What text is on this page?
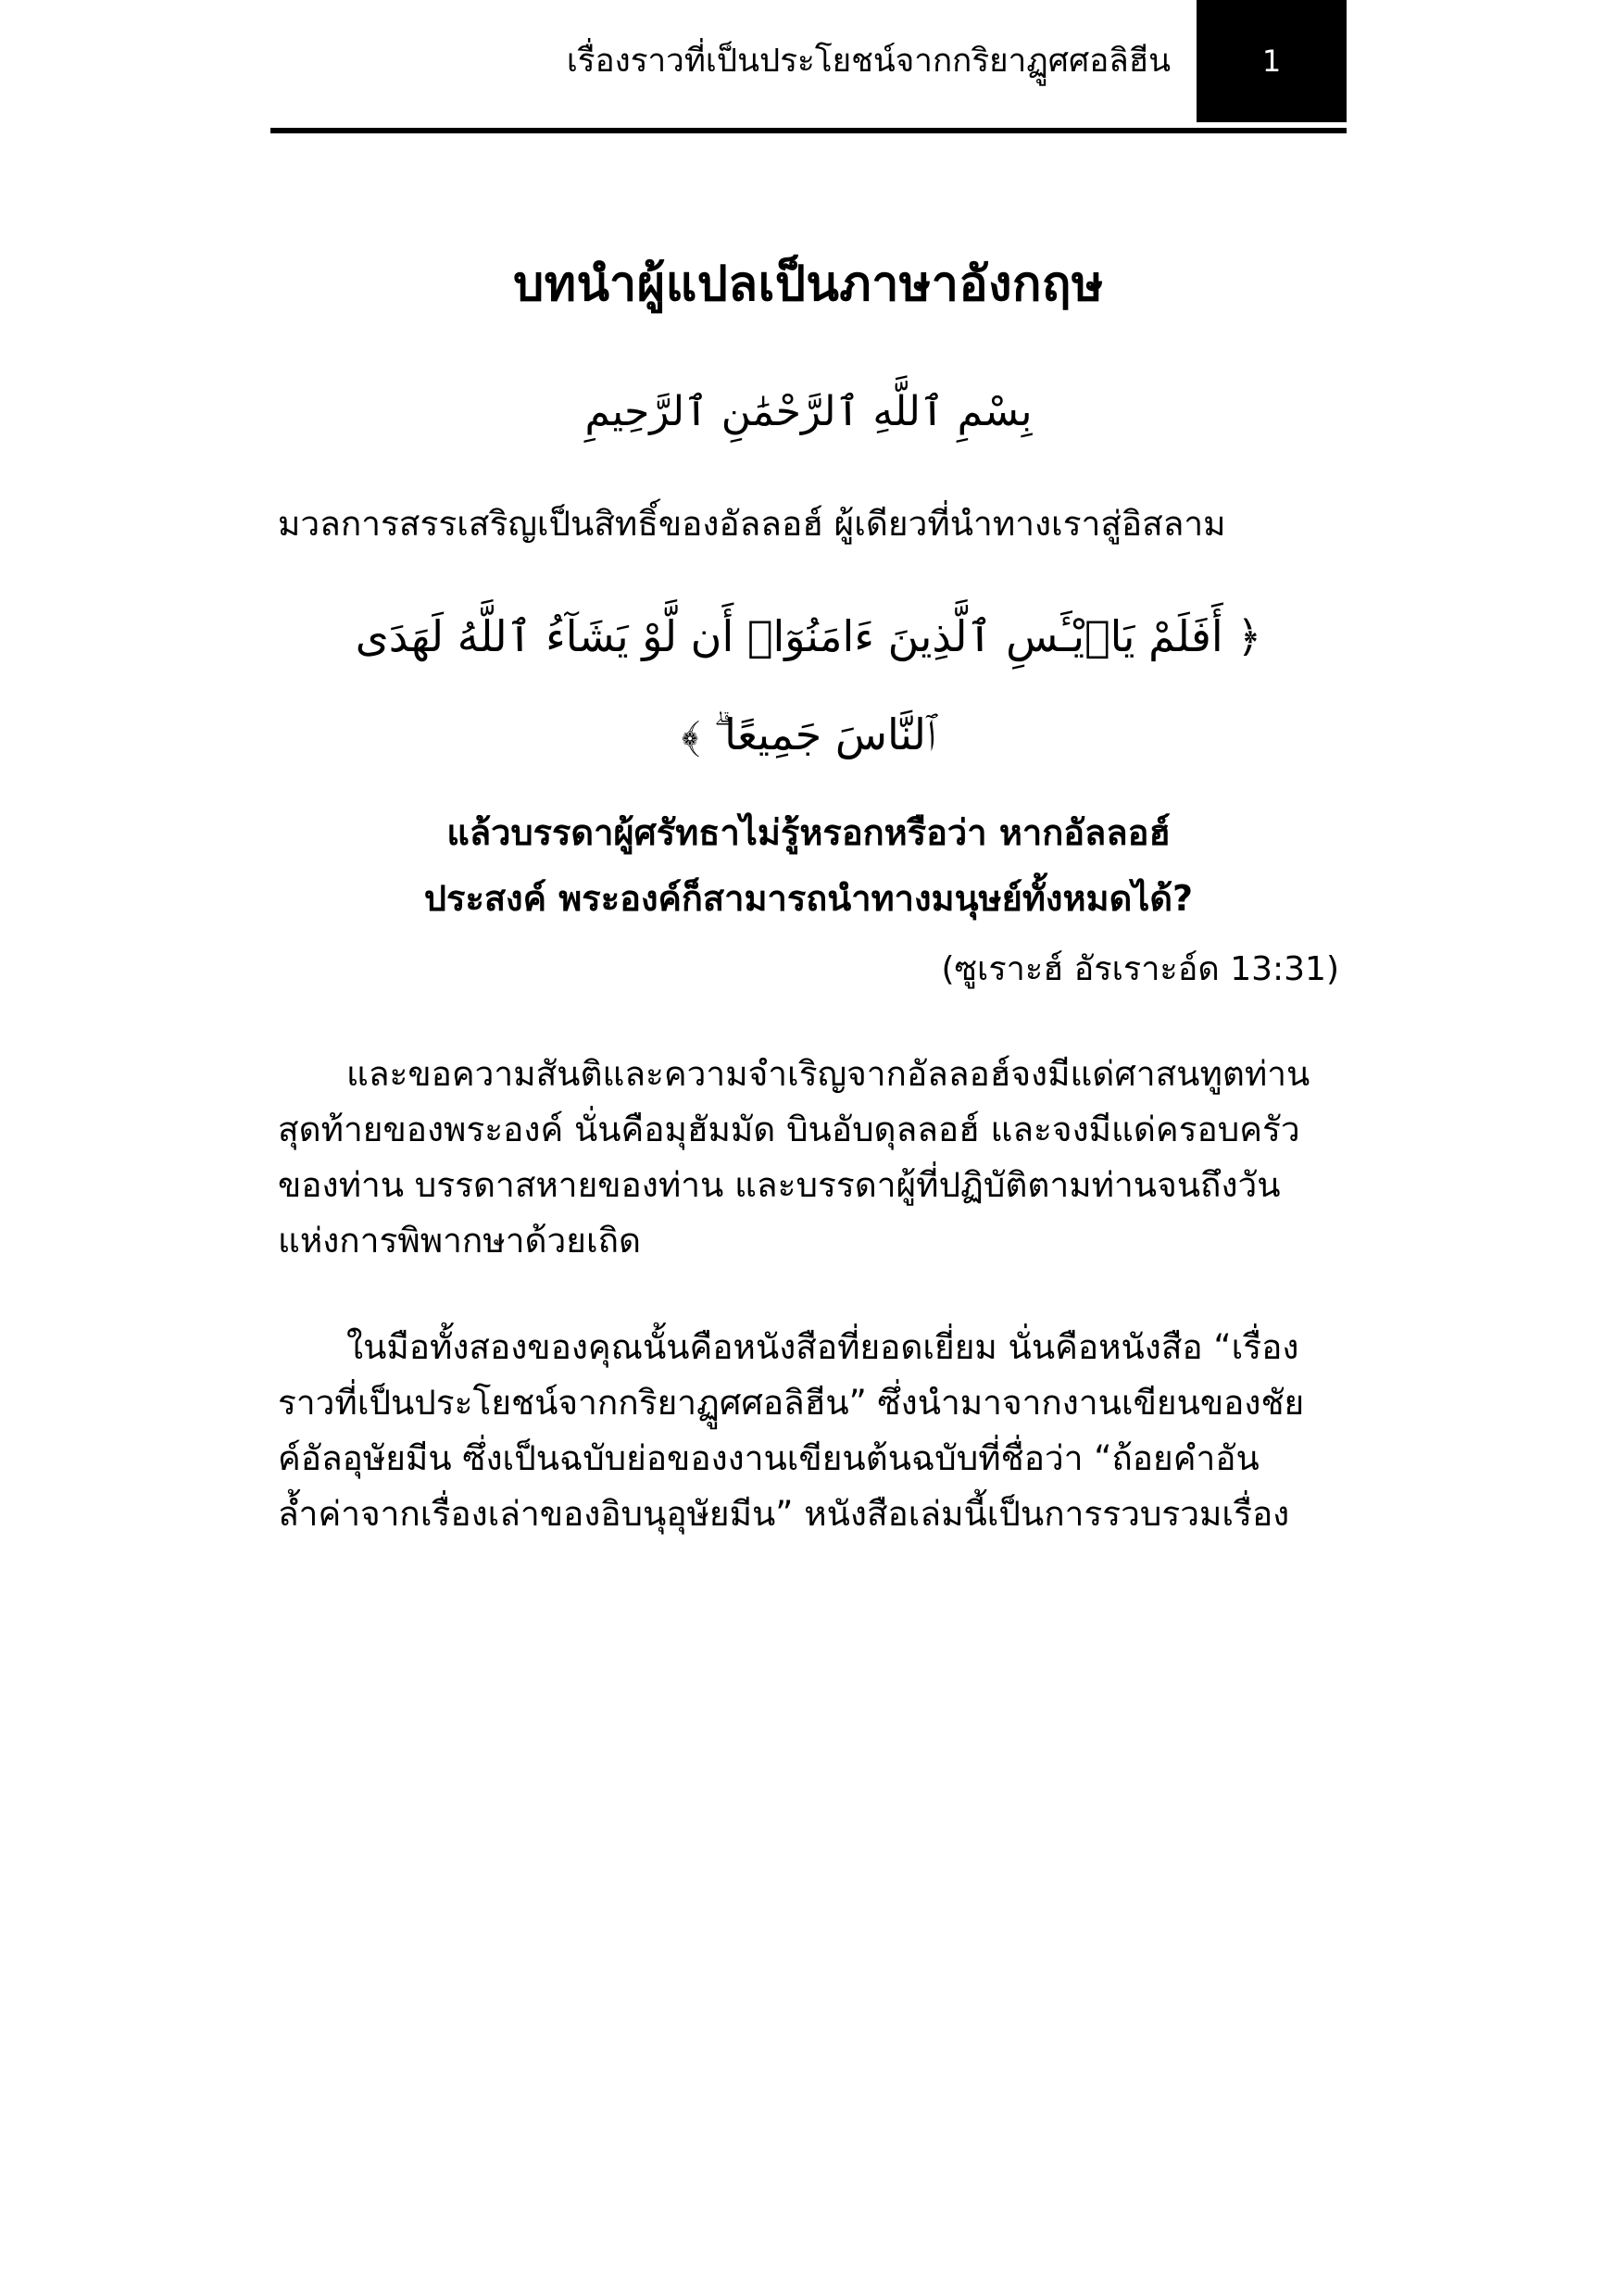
เรื่องราวที่เป็นประโยชน์จากกริยาฏูศศอลิฮีน	1
บทนำผู้แปลเป็นภาษาอังกฤษ
بِسْمِ ٱللَّهِ ٱلرَّحْمَٰنِ ٱلرَّحِيمِ

มวลการสรรเสริญเป็นสิทธิ์ของอัลลอฮ์ ผู้เดียวที่นำทางเราสู่อิสลาม

﴿ أَفَلَمْ يَا۟يْـَٔسِ ٱلَّذِينَ ءَامَنُوٓا۟ أَن لَّوْ يَشَآءُ ٱللَّهُ لَهَدَى
ٱلنَّاسَ جَمِيعًا ۗ ﴾
แล้วบรรดาผู้ศรัทธาไม่รู้หรอกหรือว่า หากอัลลอฮ์
ประสงค์ พระองค์ก็สามารถนำทางมนุษย์ทั้งหมดได้?
(ซูเราะฮ์ อัรเราะอ์ด 13:31)

และขอความสันติและความจำเริญจากอัลลอฮ์จงมีแด่ศาสนทูตท่านสุดท้ายของพระองค์ นั่นคือมุฮัมมัด บินอับดุลลอฮ์ และจงมีแด่ครอบครัวของท่าน บรรดาสหายของท่าน และบรรดาผู้ที่ปฏิบัติตามท่านจนถึงวันแห่งการพิพากษาด้วยเถิด

ในมือทั้งสองของคุณนั้นคือหนังสือที่ยอดเยี่ยม นั่นคือหนังสือ “เรื่องราวที่เป็นประโยชน์จากกริยาฏูศศอลิฮีน” ซึ่งนำมาจากงานเขียนของชัยค์อัลอุษัยมีน ซึ่งเป็นฉบับย่อของงานเขียนต้นฉบับที่ชื่อว่า “ถ้อยคำอันล้ำค่าจากเรื่องเล่าของอิบนุอุษัยมีน” หนังสือเล่มนี้เป็นการรวบรวมเรื่อง
